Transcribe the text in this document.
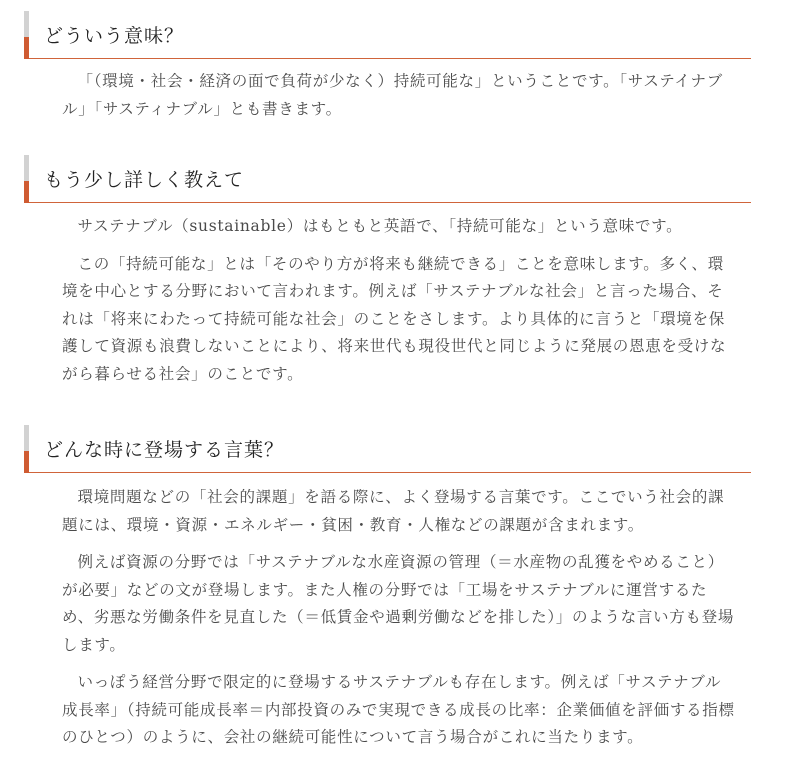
どういう意味？

「（環境・社会・経済の面で負荷が少なく）持続可能な」ということです。「サステイナブル」「サスティナブル」とも書きます。

もう少し詳しく教えて

サステナブル（sustainable）はもともと英語で、「持続可能な」という意味です。

この「持続可能な」とは「そのやり方が将来も継続できる」ことを意味します。多く、環境を中心とする分野において言われます。例えば「サステナブルな社会」と言った場合、それは「将来にわたって持続可能な社会」のことをさします。より具体的に言うと「環境を保護して資源も浪費しないことにより、将来世代も現役世代と同じように発展の恩恵を受けながら暮らせる社会」のことです。

どんな時に登場する言葉？

環境問題などの「社会的課題」を語る際に、よく登場する言葉です。ここでいう社会的課題には、環境・資源・エネルギー・貧困・教育・人権などの課題が含まれます。

例えば資源の分野では「サステナブルな水産資源の管理（＝水産物の乱獲をやめること）が必要」などの文が登場します。また人権の分野では「工場をサステナブルに運営するため、劣悪な労働条件を見直した（＝低賃金や過剰労働などを排した）」のような言い方も登場します。

いっぽう経営分野で限定的に登場するサステナブルも存在します。例えば「サステナブル成長率」（持続可能成長率＝内部投資のみで実現できる成長の比率：企業価値を評価する指標のひとつ）のように、会社の継続可能性について言う場合がこれに当たります。
